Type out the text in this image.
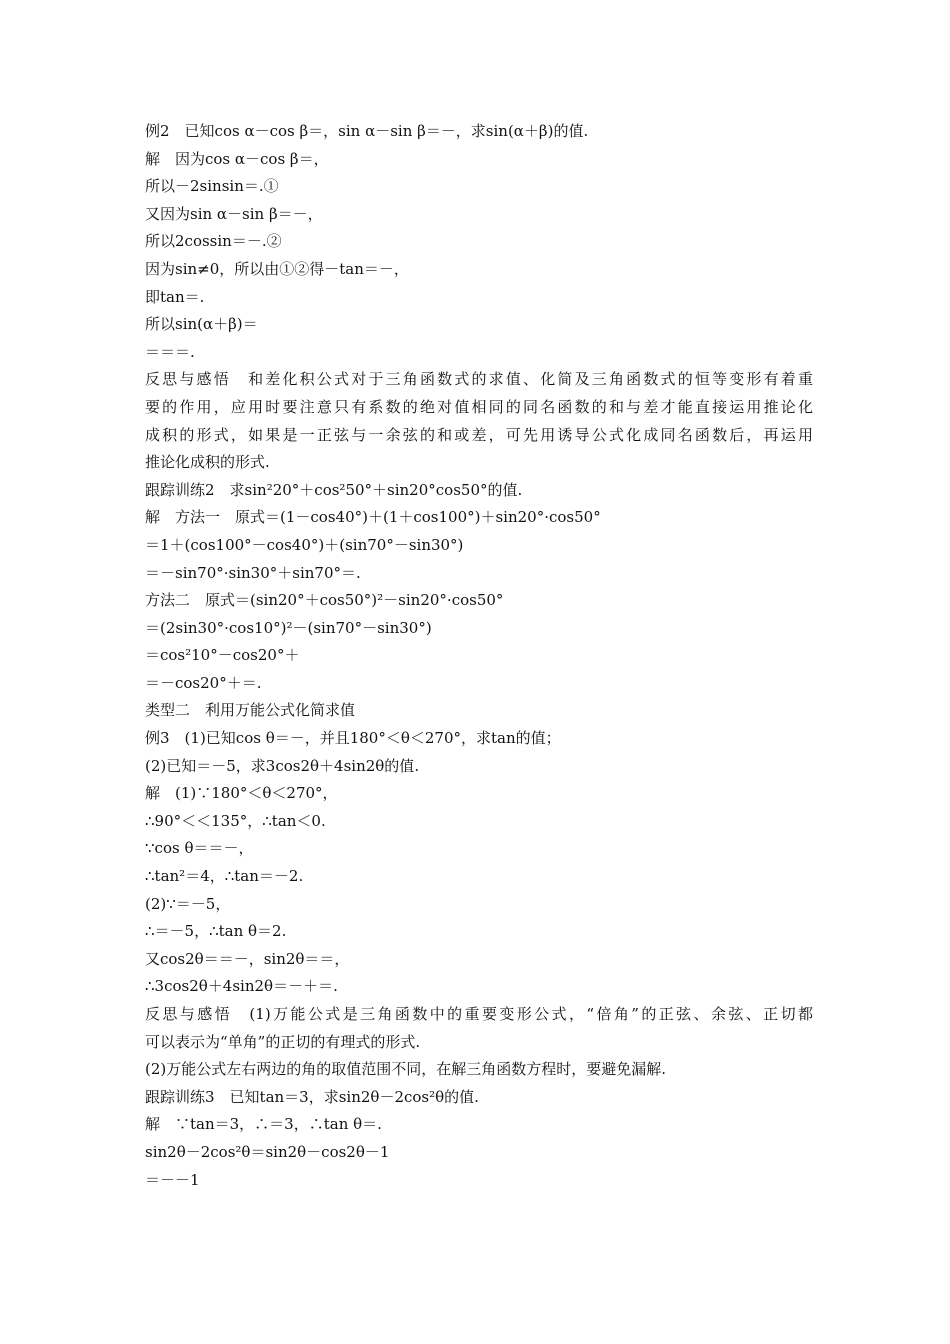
例2　已知cos α－cos β＝，sin α－sin β＝－，求sin(α＋β)的值.
解　因为cos α－cos β＝，
所以－2sinsin＝.①
又因为sin α－sin β＝－，
所以2cossin＝－.②
因为sin≠0，所以由①②得－tan＝－，
即tan＝.
所以sin(α＋β)＝
＝＝＝.
反思与感悟　和差化积公式对于三角函数式的求值、化简及三角函数式的恒等变形有着重
要的作用，应用时要注意只有系数的绝对值相同的同名函数的和与差才能直接运用推论化
成积的形式，如果是一正弦与一余弦的和或差，可先用诱导公式化成同名函数后，再运用
推论化成积的形式.
跟踪训练2　求sin²20°＋cos²50°＋sin20°cos50°的值.
解　方法一　原式＝(1－cos40°)＋(1＋cos100°)＋sin20°·cos50°
＝1＋(cos100°－cos40°)＋(sin70°－sin30°)
＝－sin70°·sin30°＋sin70°＝.
方法二　原式＝(sin20°＋cos50°)²－sin20°·cos50°
＝(2sin30°·cos10°)²－(sin70°－sin30°)
＝cos²10°－cos20°＋
＝－cos20°＋＝.
类型二　利用万能公式化简求值
例3　(1)已知cos θ＝－，并且180°＜θ＜270°，求tan的值；
(2)已知＝－5，求3cos2θ＋4sin2θ的值.
解　(1)∵180°＜θ＜270°，
∴90°＜＜135°，∴tan＜0.
∵cos θ＝＝－，
∴tan²＝4，∴tan＝－2.
(2)∵＝－5，
∴＝－5，∴tan θ＝2.
又cos2θ＝＝－，sin2θ＝＝，
∴3cos2θ＋4sin2θ＝－＋＝.
反思与感悟　(1)万能公式是三角函数中的重要变形公式，“倍角”的正弦、余弦、正切都
可以表示为“单角”的正切的有理式的形式.
(2)万能公式左右两边的角的取值范围不同，在解三角函数方程时，要避免漏解.
跟踪训练3　已知tan＝3，求sin2θ－2cos²θ的值.
解　∵tan＝3，∴＝3，∴tan θ＝.
sin2θ－2cos²θ＝sin2θ－cos2θ－1
＝－－1
